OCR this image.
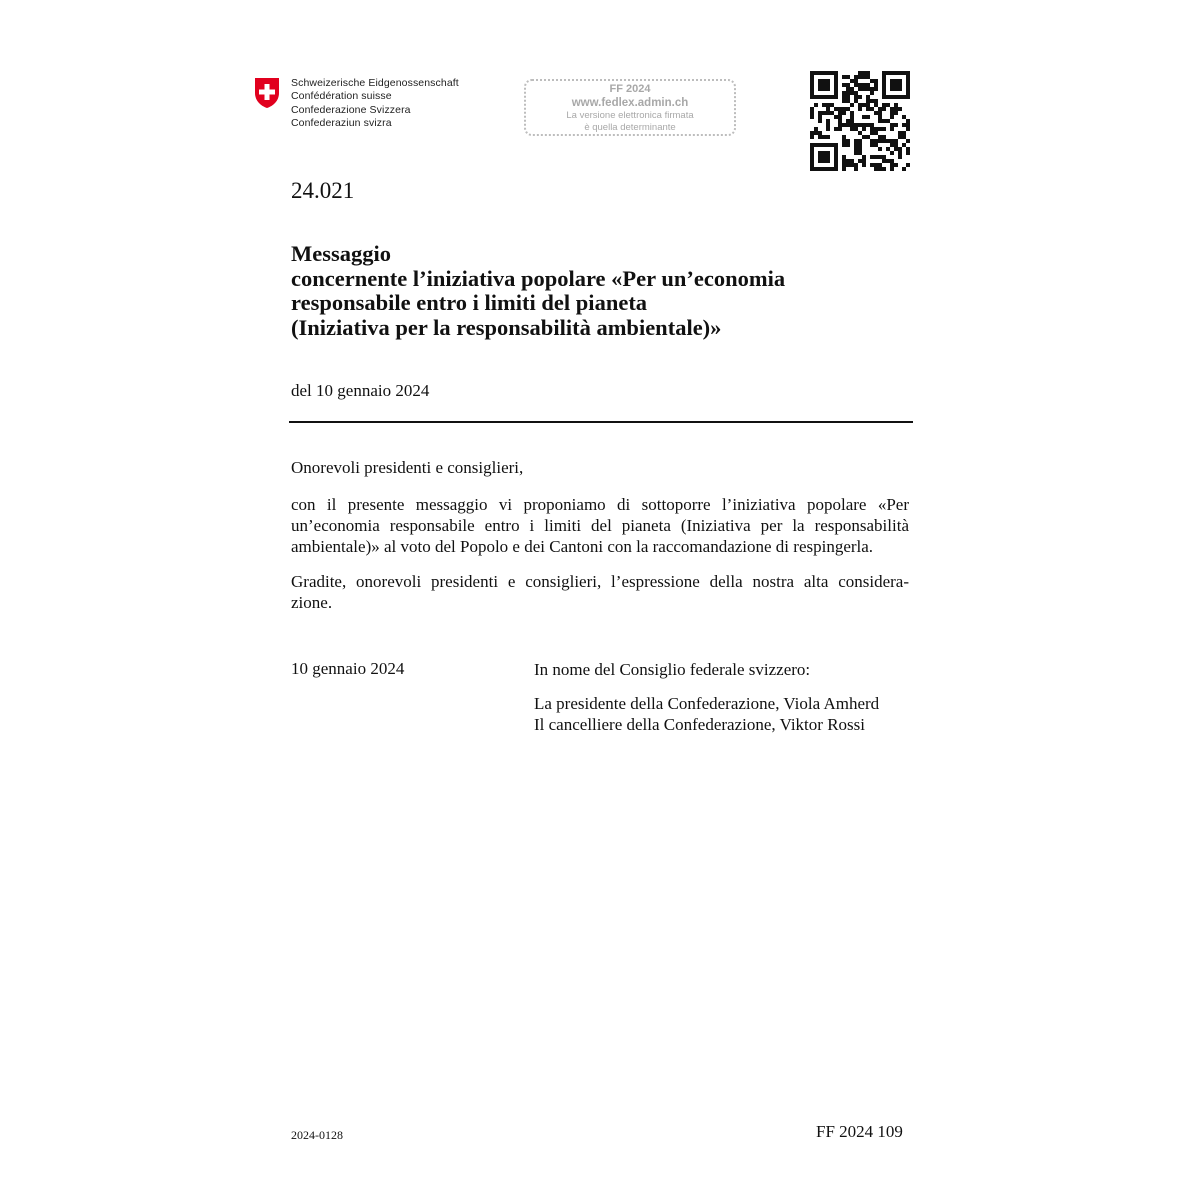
Schweizerische Eidgenossenschaft
Confédération suisse
Confederazione Svizzera
Confederaziun svizra
FF 2024
www.fedlex.admin.ch
La versione elettronica firmata
è quella determinante
24.021
Messaggio
concernente l’iniziativa popolare «Per un’economia
responsabile entro i limiti del pianeta
(Iniziativa per la responsabilità ambientale)»
del 10 gennaio 2024
Onorevoli presidenti e consiglieri,
con il presente messaggio vi proponiamo di sottoporre l’iniziativa popolare «Per
un’economia responsabile entro i limiti del pianeta (Iniziativa per la responsabilità
ambientale)» al voto del Popolo e dei Cantoni con la raccomandazione di respingerla.
Gradite, onorevoli presidenti e consiglieri, l’espressione della nostra alta considera-
zione.
10 gennaio 2024	In nome del Consiglio federale svizzero:
La presidente della Confederazione, Viola Amherd
Il cancelliere della Confederazione, Viktor Rossi
2024-0128	FF 2024 109
